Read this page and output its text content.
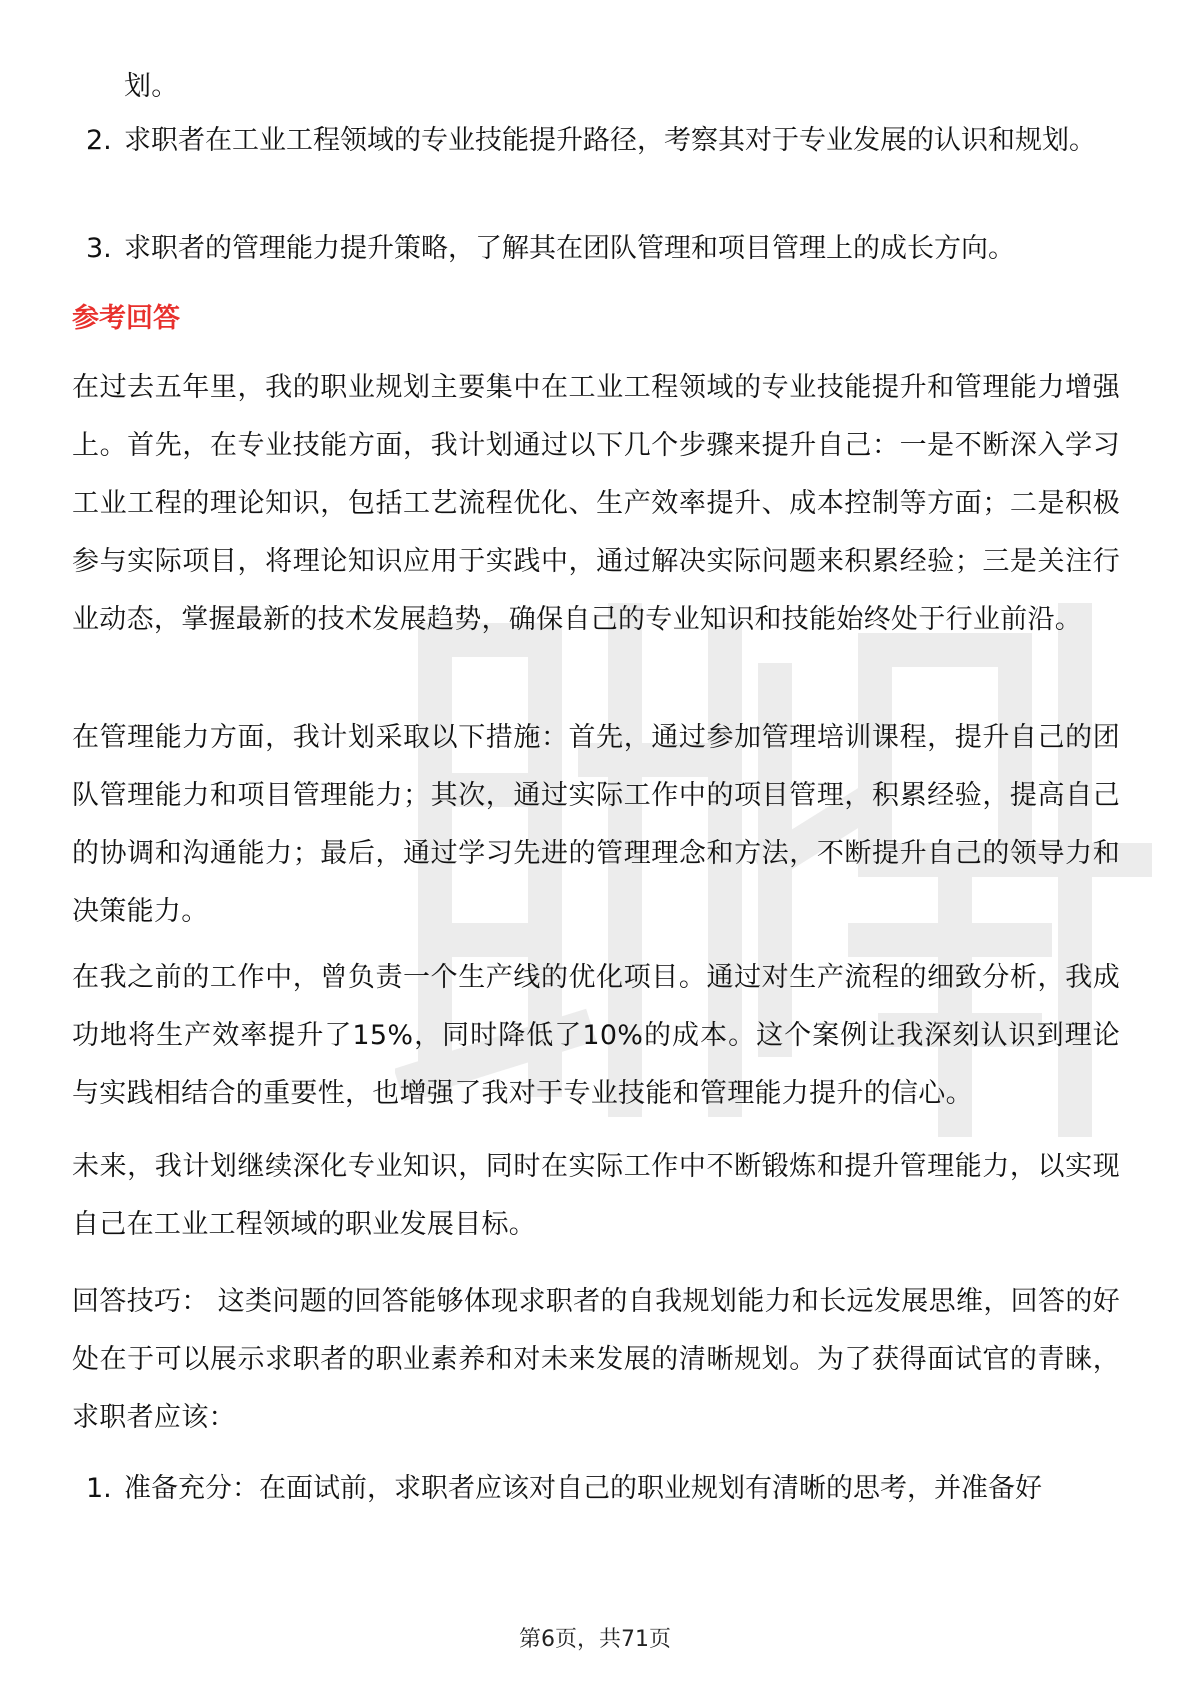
划。

2. 求职者在工业工程领域的专业技能提升路径，考察其对于专业发展的认识和规划。
3. 求职者的管理能力提升策略，了解其在团队管理和项目管理上的成长方向。

参考回答

在过去五年里，我的职业规划主要集中在工业工程领域的专业技能提升和管理能力增强上。首先，在专业技能方面，我计划通过以下几个步骤来提升自己：一是不断深入学习工业工程的理论知识，包括工艺流程优化、生产效率提升、成本控制等方面；二是积极参与实际项目，将理论知识应用于实践中，通过解决实际问题来积累经验；三是关注行业动态，掌握最新的技术发展趋势，确保自己的专业知识和技能始终处于行业前沿。

在管理能力方面，我计划采取以下措施：首先，通过参加管理培训课程，提升自己的团队管理能力和项目管理能力；其次，通过实际工作中的项目管理，积累经验，提高自己的协调和沟通能力；最后，通过学习先进的管理理念和方法，不断提升自己的领导力和决策能力。

在我之前的工作中，曾负责一个生产线的优化项目。通过对生产流程的细致分析，我成功地将生产效率提升了15%，同时降低了10%的成本。这个案例让我深刻认识到理论与实践相结合的重要性，也增强了我对于专业技能和管理能力提升的信心。

未来，我计划继续深化专业知识，同时在实际工作中不断锻炼和提升管理能力，以实现自己在工业工程领域的职业发展目标。

回答技巧： 这类问题的回答能够体现求职者的自我规划能力和长远发展思维，回答的好处在于可以展示求职者的职业素养和对未来发展的清晰规划。为了获得面试官的青睐，求职者应该：

1. 准备充分：在面试前，求职者应该对自己的职业规划有清晰的思考，并准备好
第6页，共71页
